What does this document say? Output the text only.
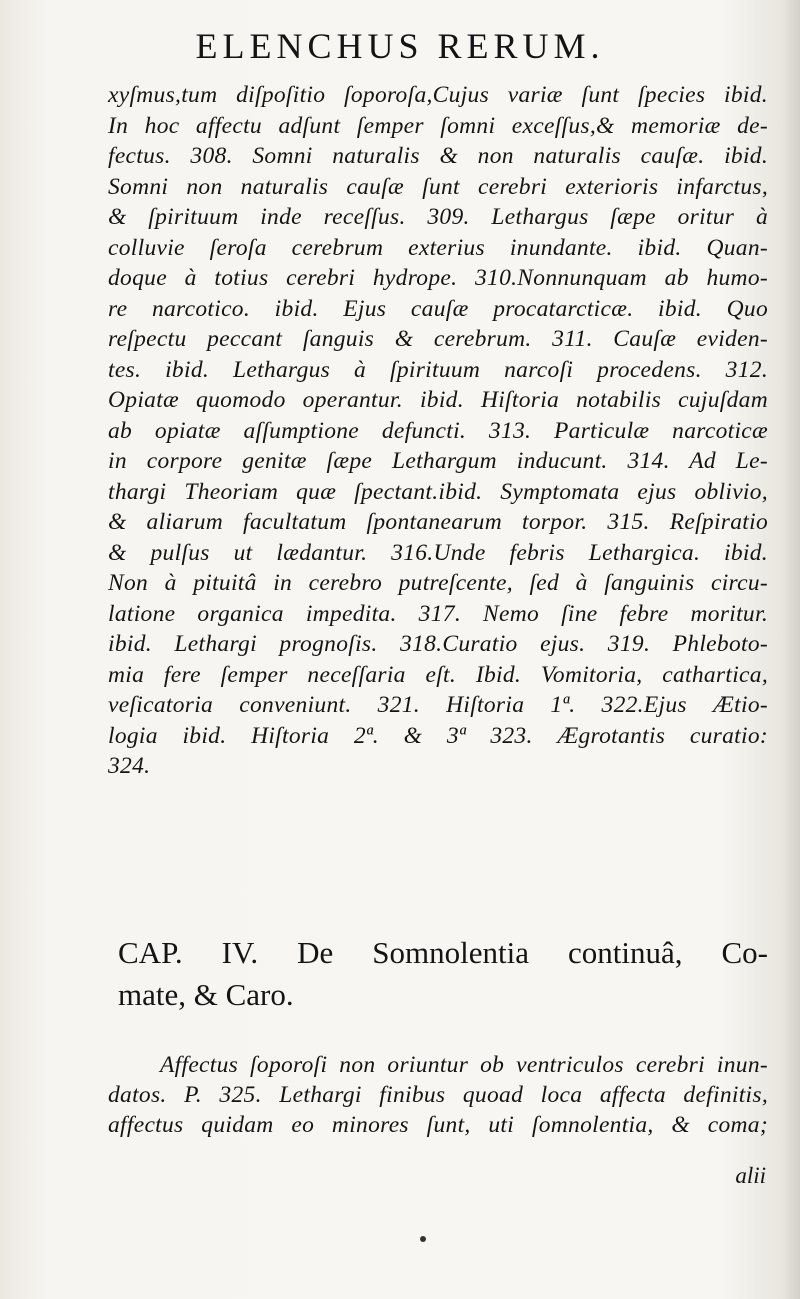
ELENCHUS RERUM.
xyſmus,tum diſpoſitio ſoporoſa,Cujus variæ ſunt ſpecies ibid.
In hoc affectu adſunt ſemper ſomni exceſſus,& memoriæ de-
fectus. 308. Somni naturalis & non naturalis cauſæ. ibid.
Somni non naturalis cauſæ ſunt cerebri exterioris infarctus,
& ſpirituum inde receſſus. 309. Lethargus ſæpe oritur à
colluvie ſeroſa cerebrum exterius inundante. ibid. Quan-
doque à totius cerebri hydrope. 310.Nonnunquam ab humo-
re narcotico. ibid. Ejus cauſæ procatarcticæ. ibid. Quo
reſpectu peccant ſanguis & cerebrum. 311. Cauſæ eviden-
tes. ibid. Lethargus à ſpirituum narcoſi procedens. 312.
Opiatæ quomodo operantur. ibid. Hiſtoria notabilis cujuſdam
ab opiatæ aſſumptione defuncti. 313. Particulæ narcoticæ
in corpore genitæ ſæpe Lethargum inducunt. 314. Ad Le-
thargi Theoriam quæ ſpectant.ibid. Symptomata ejus oblivio,
& aliarum facultatum ſpontanearum torpor. 315. Reſpiratio
& pulſus ut lædantur. 316.Unde febris Lethargica. ibid.
Non à pituitâ in cerebro putreſcente, ſed à ſanguinis circu-
latione organica impedita. 317. Nemo ſine febre moritur.
ibid. Lethargi prognoſis. 318.Curatio ejus. 319. Phleboto-
mia fere ſemper neceſſaria eſt. Ibid. Vomitoria, cathartica,
veſicatoria conveniunt. 321. Hiſtoria 1ª. 322.Ejus Ætio-
logia ibid. Hiſtoria 2ª. & 3ª 323. Ægrotantis curatio:
324.
CAP. IV. De Somnolentia continuâ, Co-
mate, & Caro.
Affectus ſoporoſi non oriuntur ob ventriculos cerebri inun-
datos. P. 325. Lethargi finibus quoad loca affecta definitis,
affectus quidam eo minores ſunt, uti ſomnolentia, & coma;
alii
